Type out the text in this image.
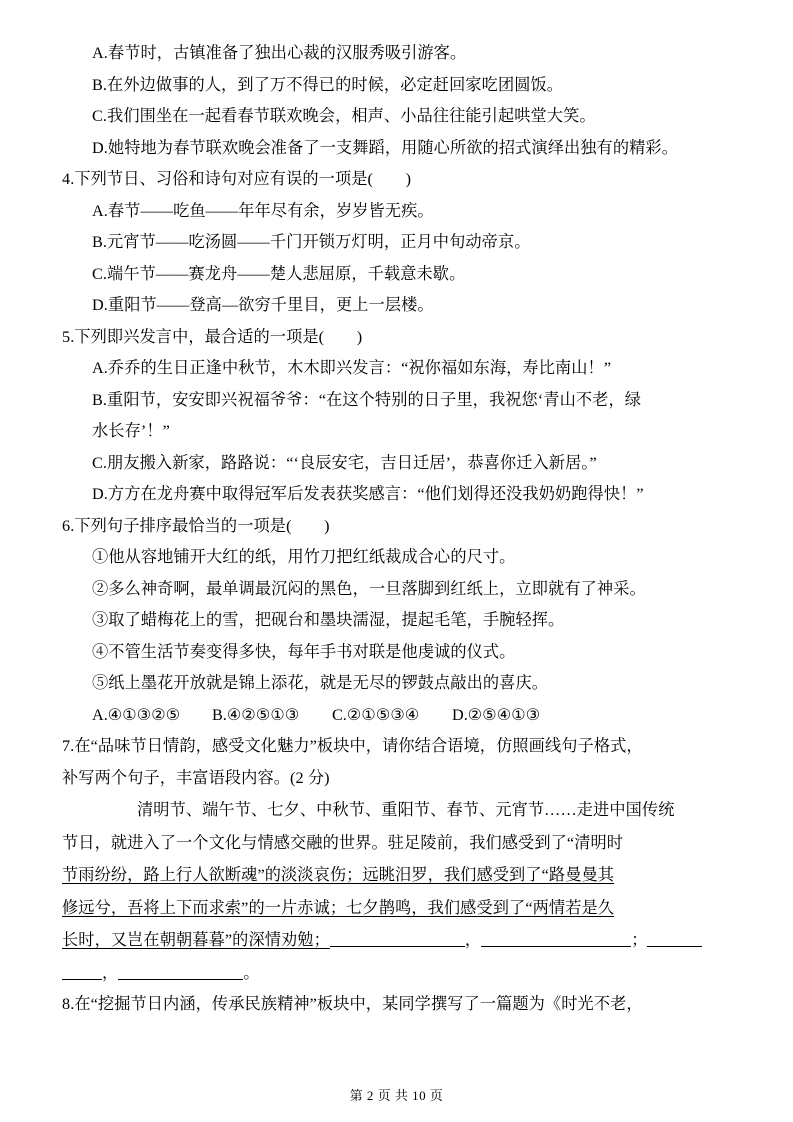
A.春节时，古镇准备了独出心裁的汉服秀吸引游客。
B.在外边做事的人，到了万不得已的时候，必定赶回家吃团圆饭。
C.我们围坐在一起看春节联欢晚会，相声、小品往往能引起哄堂大笑。
D.她特地为春节联欢晚会准备了一支舞蹈，用随心所欲的招式演绎出独有的精彩。
4.下列节日、习俗和诗句对应有误的一项是(　　)
A.春节——吃鱼——年年尽有余，岁岁皆无疾。
B.元宵节——吃汤圆——千门开锁万灯明，正月中旬动帝京。
C.端午节——赛龙舟——楚人悲屈原，千载意未歇。
D.重阳节——登高—欲穷千里目，更上一层楼。
5.下列即兴发言中，最合适的一项是(　　)
A.乔乔的生日正逢中秋节，木木即兴发言：“祝你福如东海，寿比南山！”
B.重阳节，安安即兴祝福爷爷：“在这个特别的日子里，我祝您‘青山不老，绿
水长存’！”
C.朋友搬入新家，路路说：“‘良辰安宅，吉日迁居’，恭喜你迁入新居。”
D.方方在龙舟赛中取得冠军后发表获奖感言：“他们划得还没我奶奶跑得快！”
6.下列句子排序最恰当的一项是(　　)
①他从容地铺开大红的纸，用竹刀把红纸裁成合心的尺寸。
②多么神奇啊，最单调最沉闷的黑色，一旦落脚到红纸上，立即就有了神采。
③取了蜡梅花上的雪，把砚台和墨块濡湿，提起毛笔，手腕轻挥。
④不管生活节奏变得多快，每年手书对联是他虔诚的仪式。
⑤纸上墨花开放就是锦上添花，就是无尽的锣鼓点敲出的喜庆。
A.④①③②⑤ B.④②⑤①③ C.②①⑤③④ D.②⑤④①③
7.在“品味节日情韵，感受文化魅力”板块中，请你结合语境，仿照画线句子格式，
补写两个句子，丰富语段内容。(2 分)
清明节、端午节、七夕、中秋节、重阳节、春节、元宵节……走进中国传统
节日，就进入了一个文化与情感交融的世界。驻足陵前，我们感受到了“清明时
节雨纷纷，路上行人欲断魂”的淡淡哀伤；远眺汨罗，我们感受到了“路曼曼其
修远兮，吾将上下而求索”的一片赤诚；七夕鹊鸣，我们感受到了“两情若是久
长时，又岂在朝朝暮暮”的深情劝勉；	，	；
，	。
8.在“挖掘节日内涵，传承民族精神”板块中，某同学撰写了一篇题为《时光不老，
第 2 页 共 10 页
